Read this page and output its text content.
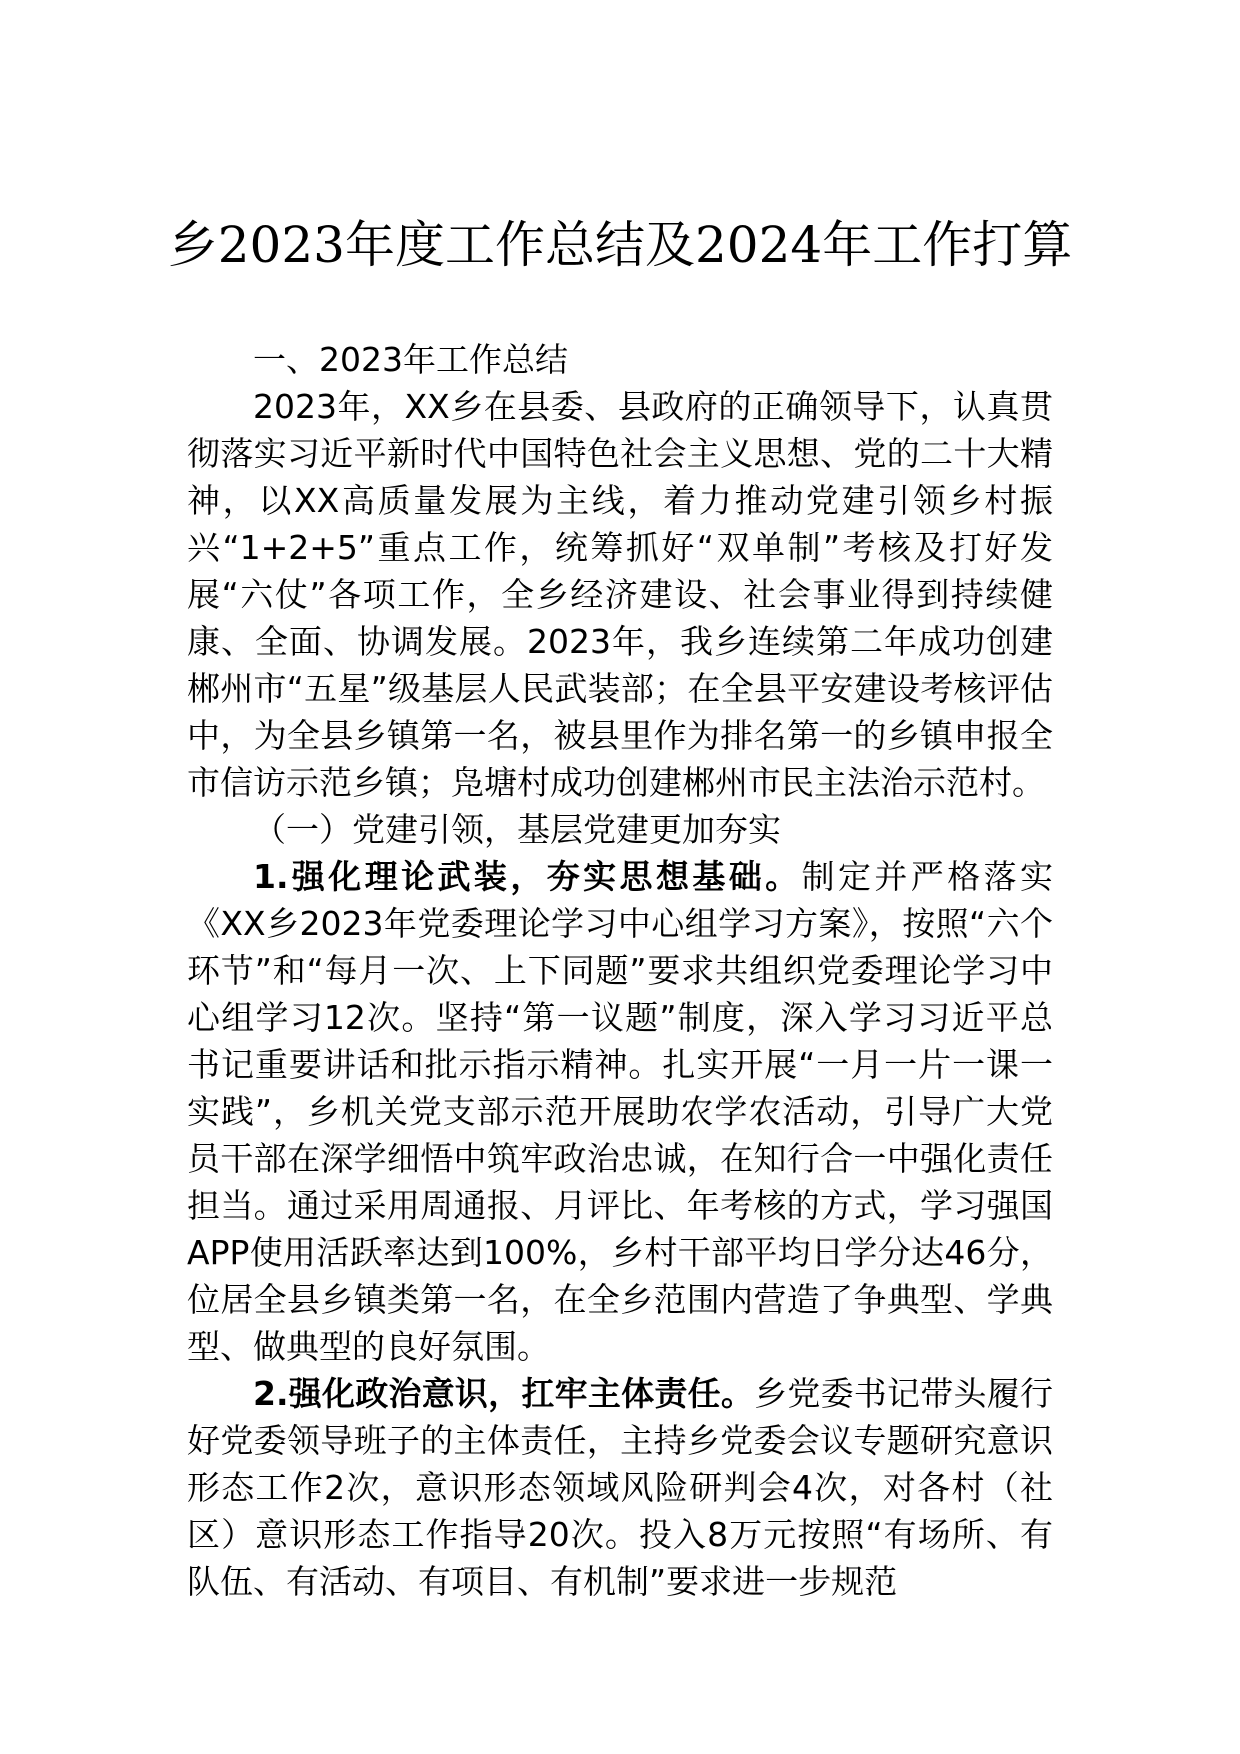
乡2023年度工作总结及2024年工作打算

一、2023年工作总结

2023年，XX乡在县委、县政府的正确领导下，认真贯彻落实习近平新时代中国特色社会主义思想、党的二十大精神，以XX高质量发展为主线，着力推动党建引领乡村振兴“1+2+5”重点工作，统筹抓好“双单制”考核及打好发展“六仗”各项工作，全乡经济建设、社会事业得到持续健康、全面、协调发展。2023年，我乡连续第二年成功创建郴州市“五星”级基层人民武装部；在全县平安建设考核评估中，为全县乡镇第一名，被县里作为排名第一的乡镇申报全市信访示范乡镇；凫塘村成功创建郴州市民主法治示范村。

（一）党建引领，基层党建更加夯实

1.强化理论武装，夯实思想基础。制定并严格落实《XX乡2023年党委理论学习中心组学习方案》，按照“六个环节”和“每月一次、上下同题”要求共组织党委理论学习中心组学习12次。坚持“第一议题”制度，深入学习习近平总书记重要讲话和批示指示精神。扎实开展“一月一片一课一实践”，乡机关党支部示范开展助农学农活动，引导广大党员干部在深学细悟中筑牢政治忠诚，在知行合一中强化责任担当。通过采用周通报、月评比、年考核的方式，学习强国APP使用活跃率达到100%，乡村干部平均日学分达46分，位居全县乡镇类第一名，在全乡范围内营造了争典型、学典型、做典型的良好氛围。

2.强化政治意识，扛牢主体责任。乡党委书记带头履行好党委领导班子的主体责任，主持乡党委会议专题研究意识形态工作2次，意识形态领域风险研判会4次，对各村（社区）意识形态工作指导20次。投入8万元按照“有场所、有队伍、有活动、有项目、有机制”要求进一步规范
